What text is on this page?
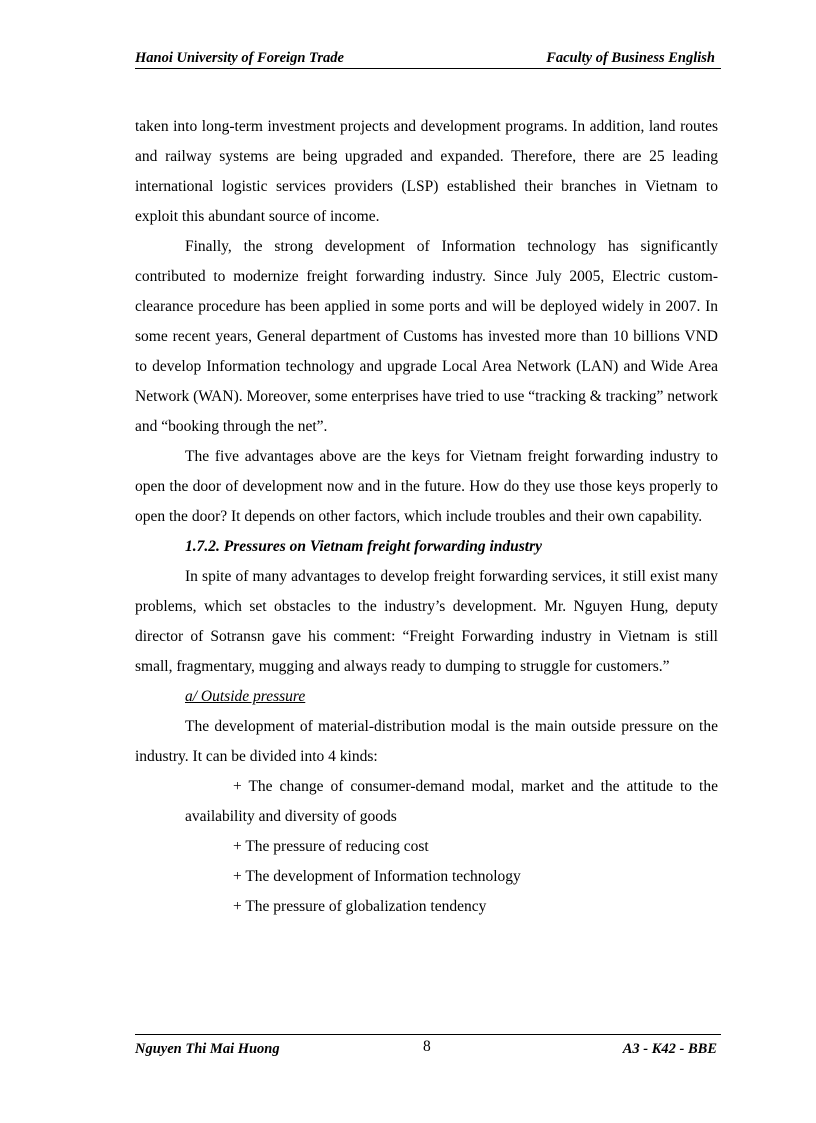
Hanoi University of Foreign Trade	Faculty of Business English

taken into long-term investment projects and development programs. In addition, land routes and railway systems are being upgraded and expanded. Therefore, there are 25 leading international logistic services providers (LSP) established their branches in Vietnam to exploit this abundant source of income.

Finally, the strong development of Information technology has significantly contributed to modernize freight forwarding industry. Since July 2005, Electric custom-clearance procedure has been applied in some ports and will be deployed widely in 2007. In some recent years, General department of Customs has invested more than 10 billions VND to develop Information technology and upgrade Local Area Network (LAN) and Wide Area Network (WAN). Moreover, some enterprises have tried to use “tracking & tracking” network and “booking through the net”.

The five advantages above are the keys for Vietnam freight forwarding industry to open the door of development now and in the future. How do they use those keys properly to open the door? It depends on other factors, which include troubles and their own capability.

1.7.2. Pressures on Vietnam freight forwarding industry

In spite of many advantages to develop freight forwarding services, it still exist many problems, which set obstacles to the industry’s development. Mr. Nguyen Hung, deputy director of Sotransn gave his comment: “Freight Forwarding industry in Vietnam is still small, fragmentary, mugging and always ready to dumping to struggle for customers.”

a/ Outside pressure

The development of material-distribution modal is the main outside pressure on the industry. It can be divided into 4 kinds:

+ The change of consumer-demand modal, market and the attitude to the availability and diversity of goods

+ The pressure of reducing cost

+ The development of Information technology

+ The pressure of globalization tendency

Nguyen Thi Mai Huong	8	A3 - K42 - BBE
